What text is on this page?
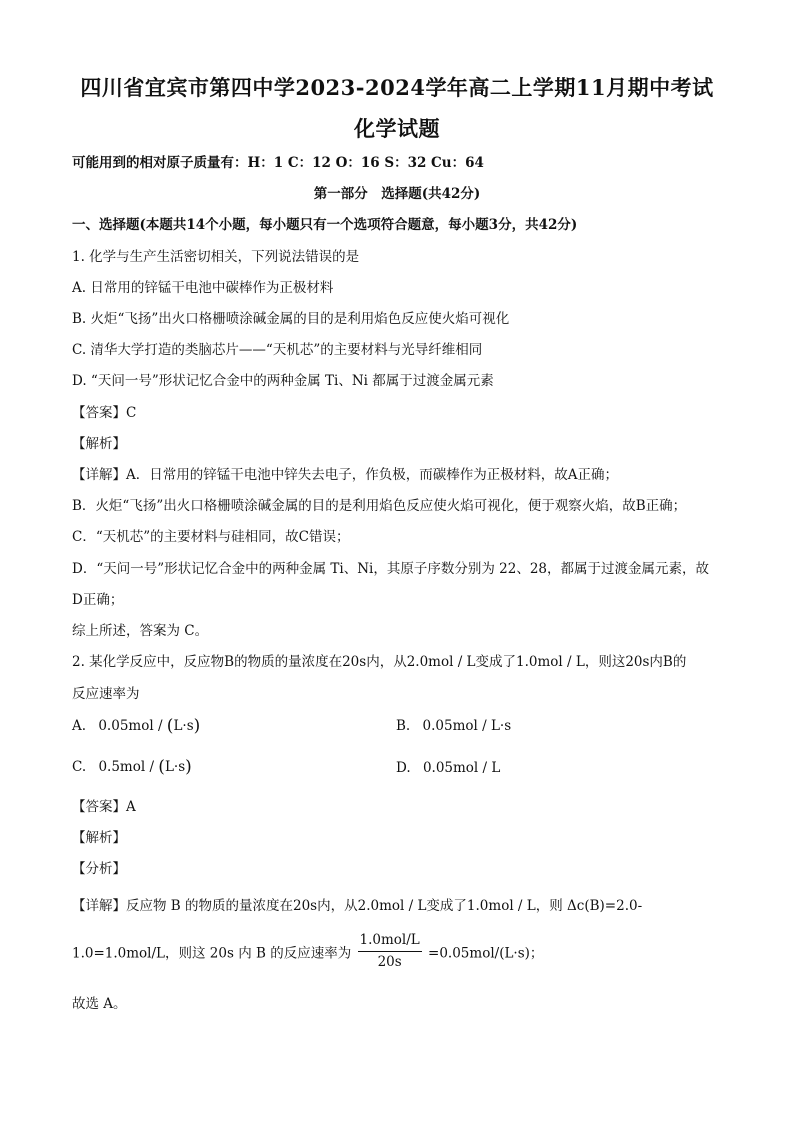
四川省宜宾市第四中学2023-2024学年高二上学期11月期中考试
化学试题
可能用到的相对原子质量有：H：1 C：12 O：16 S：32 Cu：64
第一部分　选择题(共42分)
一、选择题(本题共14个小题，每小题只有一个选项符合题意，每小题3分，共42分)
1. 化学与生产生活密切相关，下列说法错误的是
A. 日常用的锌锰干电池中碳棒作为正极材料
B. 火炬“飞扬”出火口格栅喷涂碱金属的目的是利用焰色反应使火焰可视化
C. 清华大学打造的类脑芯片——“天机芯”的主要材料与光导纤维相同
D. “天问一号”形状记忆合金中的两种金属 Ti、Ni 都属于过渡金属元素
【答案】C
【解析】
【详解】A．日常用的锌锰干电池中锌失去电子，作负极，而碳棒作为正极材料，故A正确；
B．火炬“飞扬”出火口格栅喷涂碱金属的目的是利用焰色反应使火焰可视化，便于观察火焰，故B正确；
C．“天机芯”的主要材料与硅相同，故C错误；
D．“天问一号”形状记忆合金中的两种金属 Ti、Ni，其原子序数分别为 22、28，都属于过渡金属元素，故
D正确；
综上所述，答案为 C。
2. 某化学反应中，反应物B的物质的量浓度在20s内，从2.0mol / L变成了1.0mol / L，则这20s内B的
反应速率为
A. 0.05mol / (L·s)	B. 0.05mol / L·s
C. 0.5mol / (L·s)	D. 0.05mol / L
【答案】A
【解析】
【分析】
【详解】反应物 B 的物质的量浓度在20s内，从2.0mol / L变成了1.0mol / L，则 Δc(B)=2.0-
1.0=1.0mol/L，则这 20s 内 B 的反应速率为 $\frac{\text{1.0mol/L}}{20s} =0.05mol/(L\cdot s)$；
故选 A。
